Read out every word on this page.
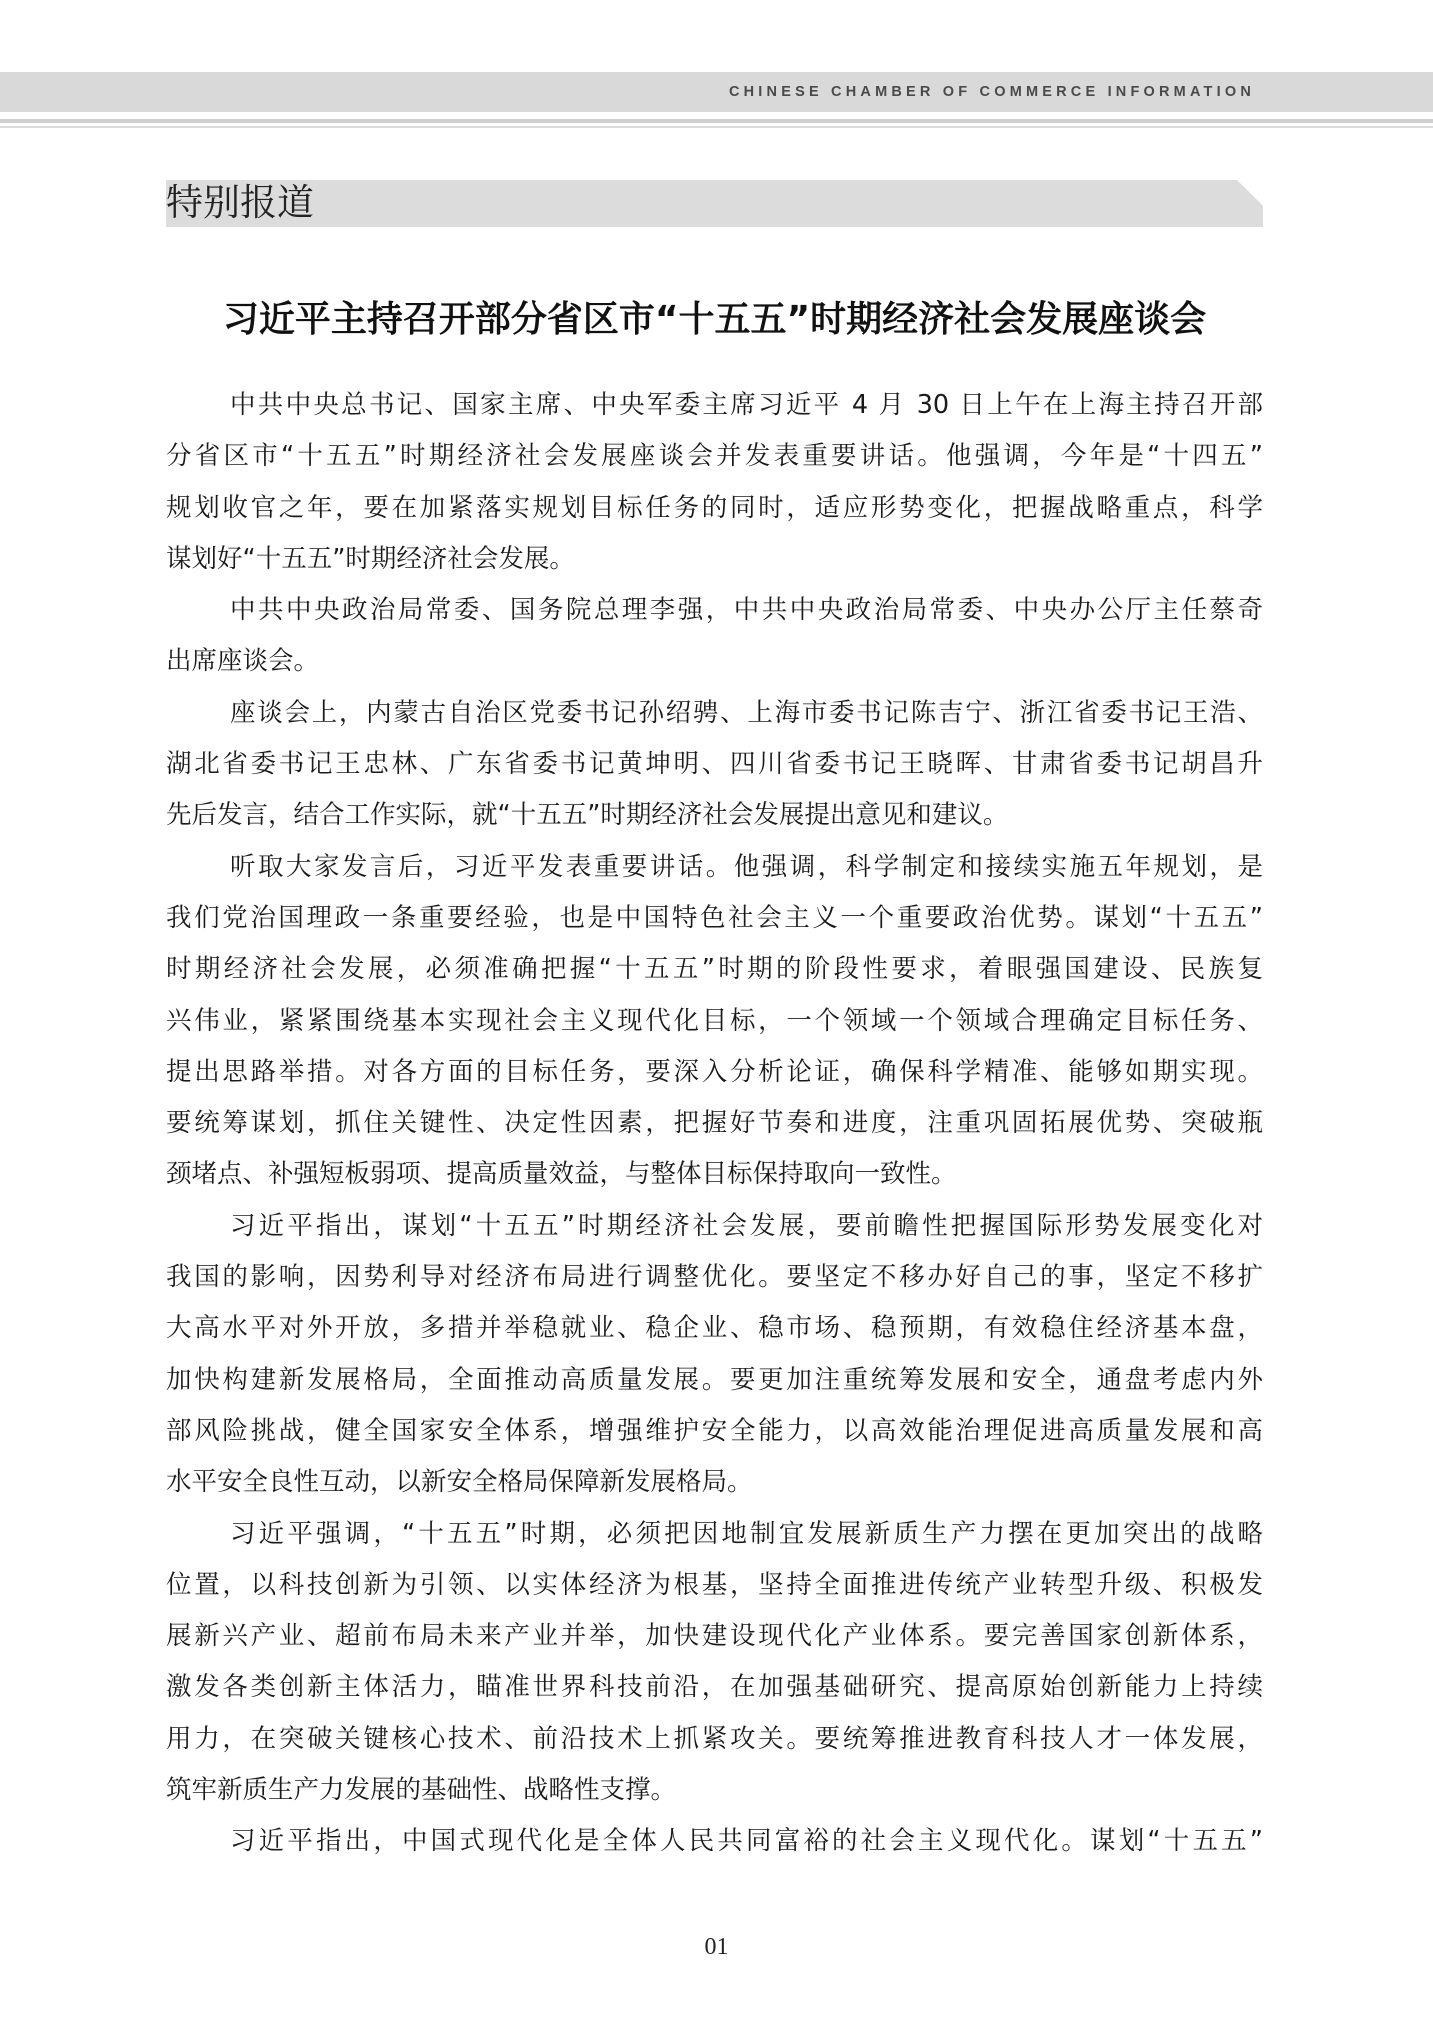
CHINESE CHAMBER OF COMMERCE INFORMATION
特别报道
习近平主持召开部分省区市“十五五”时期经济社会发展座谈会
中共中央总书记、国家主席、中央军委主席习近平 4 月 30 日上午在上海主持召开部
分省区市“十五五”时期经济社会发展座谈会并发表重要讲话。他强调，今年是“十四五”
规划收官之年，要在加紧落实规划目标任务的同时，适应形势变化，把握战略重点，科学
谋划好“十五五”时期经济社会发展。
中共中央政治局常委、国务院总理李强，中共中央政治局常委、中央办公厅主任蔡奇
出席座谈会。
座谈会上，内蒙古自治区党委书记孙绍骋、上海市委书记陈吉宁、浙江省委书记王浩、
湖北省委书记王忠林、广东省委书记黄坤明、四川省委书记王晓晖、甘肃省委书记胡昌升
先后发言，结合工作实际，就“十五五”时期经济社会发展提出意见和建议。
听取大家发言后，习近平发表重要讲话。他强调，科学制定和接续实施五年规划，是
我们党治国理政一条重要经验，也是中国特色社会主义一个重要政治优势。谋划“十五五”
时期经济社会发展，必须准确把握“十五五”时期的阶段性要求，着眼强国建设、民族复
兴伟业，紧紧围绕基本实现社会主义现代化目标，一个领域一个领域合理确定目标任务、
提出思路举措。对各方面的目标任务，要深入分析论证，确保科学精准、能够如期实现。
要统筹谋划，抓住关键性、决定性因素，把握好节奏和进度，注重巩固拓展优势、突破瓶
颈堵点、补强短板弱项、提高质量效益，与整体目标保持取向一致性。
习近平指出，谋划“十五五”时期经济社会发展，要前瞻性把握国际形势发展变化对
我国的影响，因势利导对经济布局进行调整优化。要坚定不移办好自己的事，坚定不移扩
大高水平对外开放，多措并举稳就业、稳企业、稳市场、稳预期，有效稳住经济基本盘，
加快构建新发展格局，全面推动高质量发展。要更加注重统筹发展和安全，通盘考虑内外
部风险挑战，健全国家安全体系，增强维护安全能力，以高效能治理促进高质量发展和高
水平安全良性互动，以新安全格局保障新发展格局。
习近平强调，“十五五”时期，必须把因地制宜发展新质生产力摆在更加突出的战略
位置，以科技创新为引领、以实体经济为根基，坚持全面推进传统产业转型升级、积极发
展新兴产业、超前布局未来产业并举，加快建设现代化产业体系。要完善国家创新体系，
激发各类创新主体活力，瞄准世界科技前沿，在加强基础研究、提高原始创新能力上持续
用力，在突破关键核心技术、前沿技术上抓紧攻关。要统筹推进教育科技人才一体发展，
筑牢新质生产力发展的基础性、战略性支撑。
习近平指出，中国式现代化是全体人民共同富裕的社会主义现代化。谋划“十五五”
01
